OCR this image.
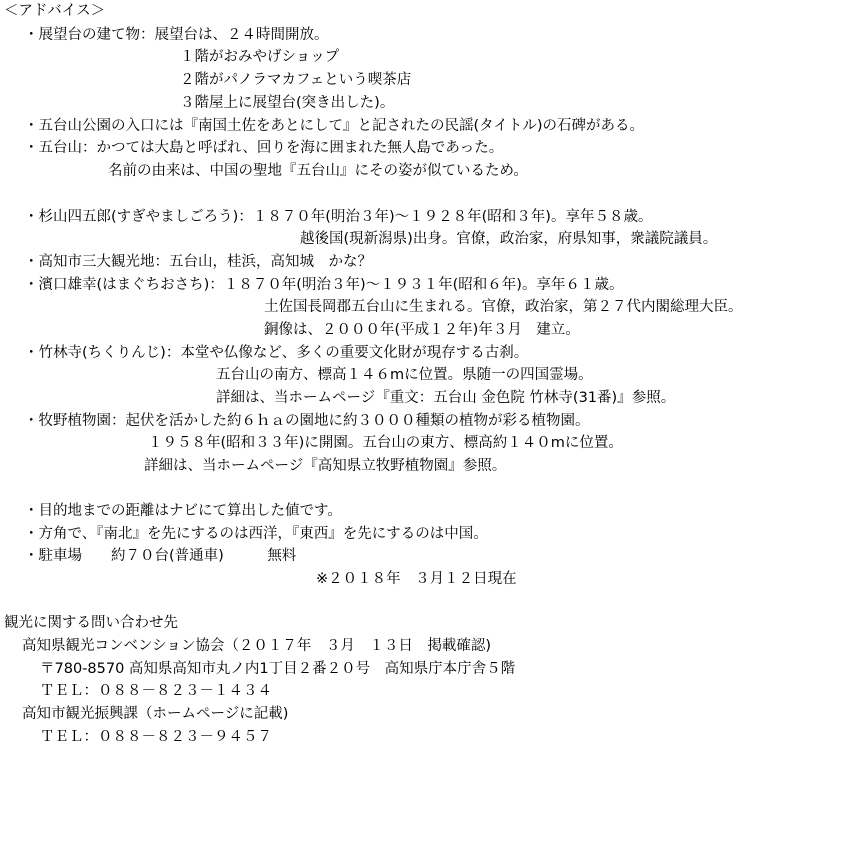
＜アドバイス＞
・展望台の建て物：展望台は、２４時間開放。
１階がおみやげショップ
２階がパノラマカフェという喫茶店
３階屋上に展望台(突き出した)。
・五台山公園の入口には『南国土佐をあとにして』と記されたの民謡(タイトル)の石碑がある。
・五台山：かつては大島と呼ばれ、回りを海に囲まれた無人島であった。
名前の由来は、中国の聖地『五台山』にその姿が似ているため。
・杉山四五郎(すぎやましごろう)：１８７０年(明治３年)～１９２８年(昭和３年)。享年５８歳。
越後国(現新潟県)出身。官僚，政治家，府県知事，衆議院議員。
・高知市三大観光地：五台山，桂浜，高知城　かな？
・濱口雄幸(はまぐちおさち)：１８７０年(明治３年)～１９３１年(昭和６年)。享年６１歳。
土佐国長岡郡五台山に生まれる。官僚，政治家，第２７代内閣総理大臣。
銅像は、２０００年(平成１２年)年３月　建立。
・竹林寺(ちくりんじ)：本堂や仏像など、多くの重要文化財が現存する古刹。
五台山の南方、標高１４６mに位置。県随一の四国霊場。
詳細は、当ホームページ『重文：五台山 金色院 竹林寺(31番)』参照。
・牧野植物園：起伏を活かした約６ｈａの園地に約３０００種類の植物が彩る植物園。
１９５８年(昭和３３年)に開園。五台山の東方、標高約１４０mに位置。
詳細は、当ホームページ『高知県立牧野植物園』参照。
・目的地までの距離はナビにて算出した値です。
・方角で、『南北』を先にするのは西洋，『東西』を先にするのは中国。
・駐車場　　約７０台(普通車)　　　無料
※２０１８年　３月１２日現在
観光に関する問い合わせ先
高知県観光コンベンション協会（２０１７年　３月　１３日　掲載確認)
〒780-8570 高知県高知市丸ノ内1丁目２番２０号　高知県庁本庁舎５階
ＴＥＬ：０８８－８２３－１４３４
高知市観光振興課（ホームページに記載)
ＴＥＬ：０８８－８２３－９４５７
